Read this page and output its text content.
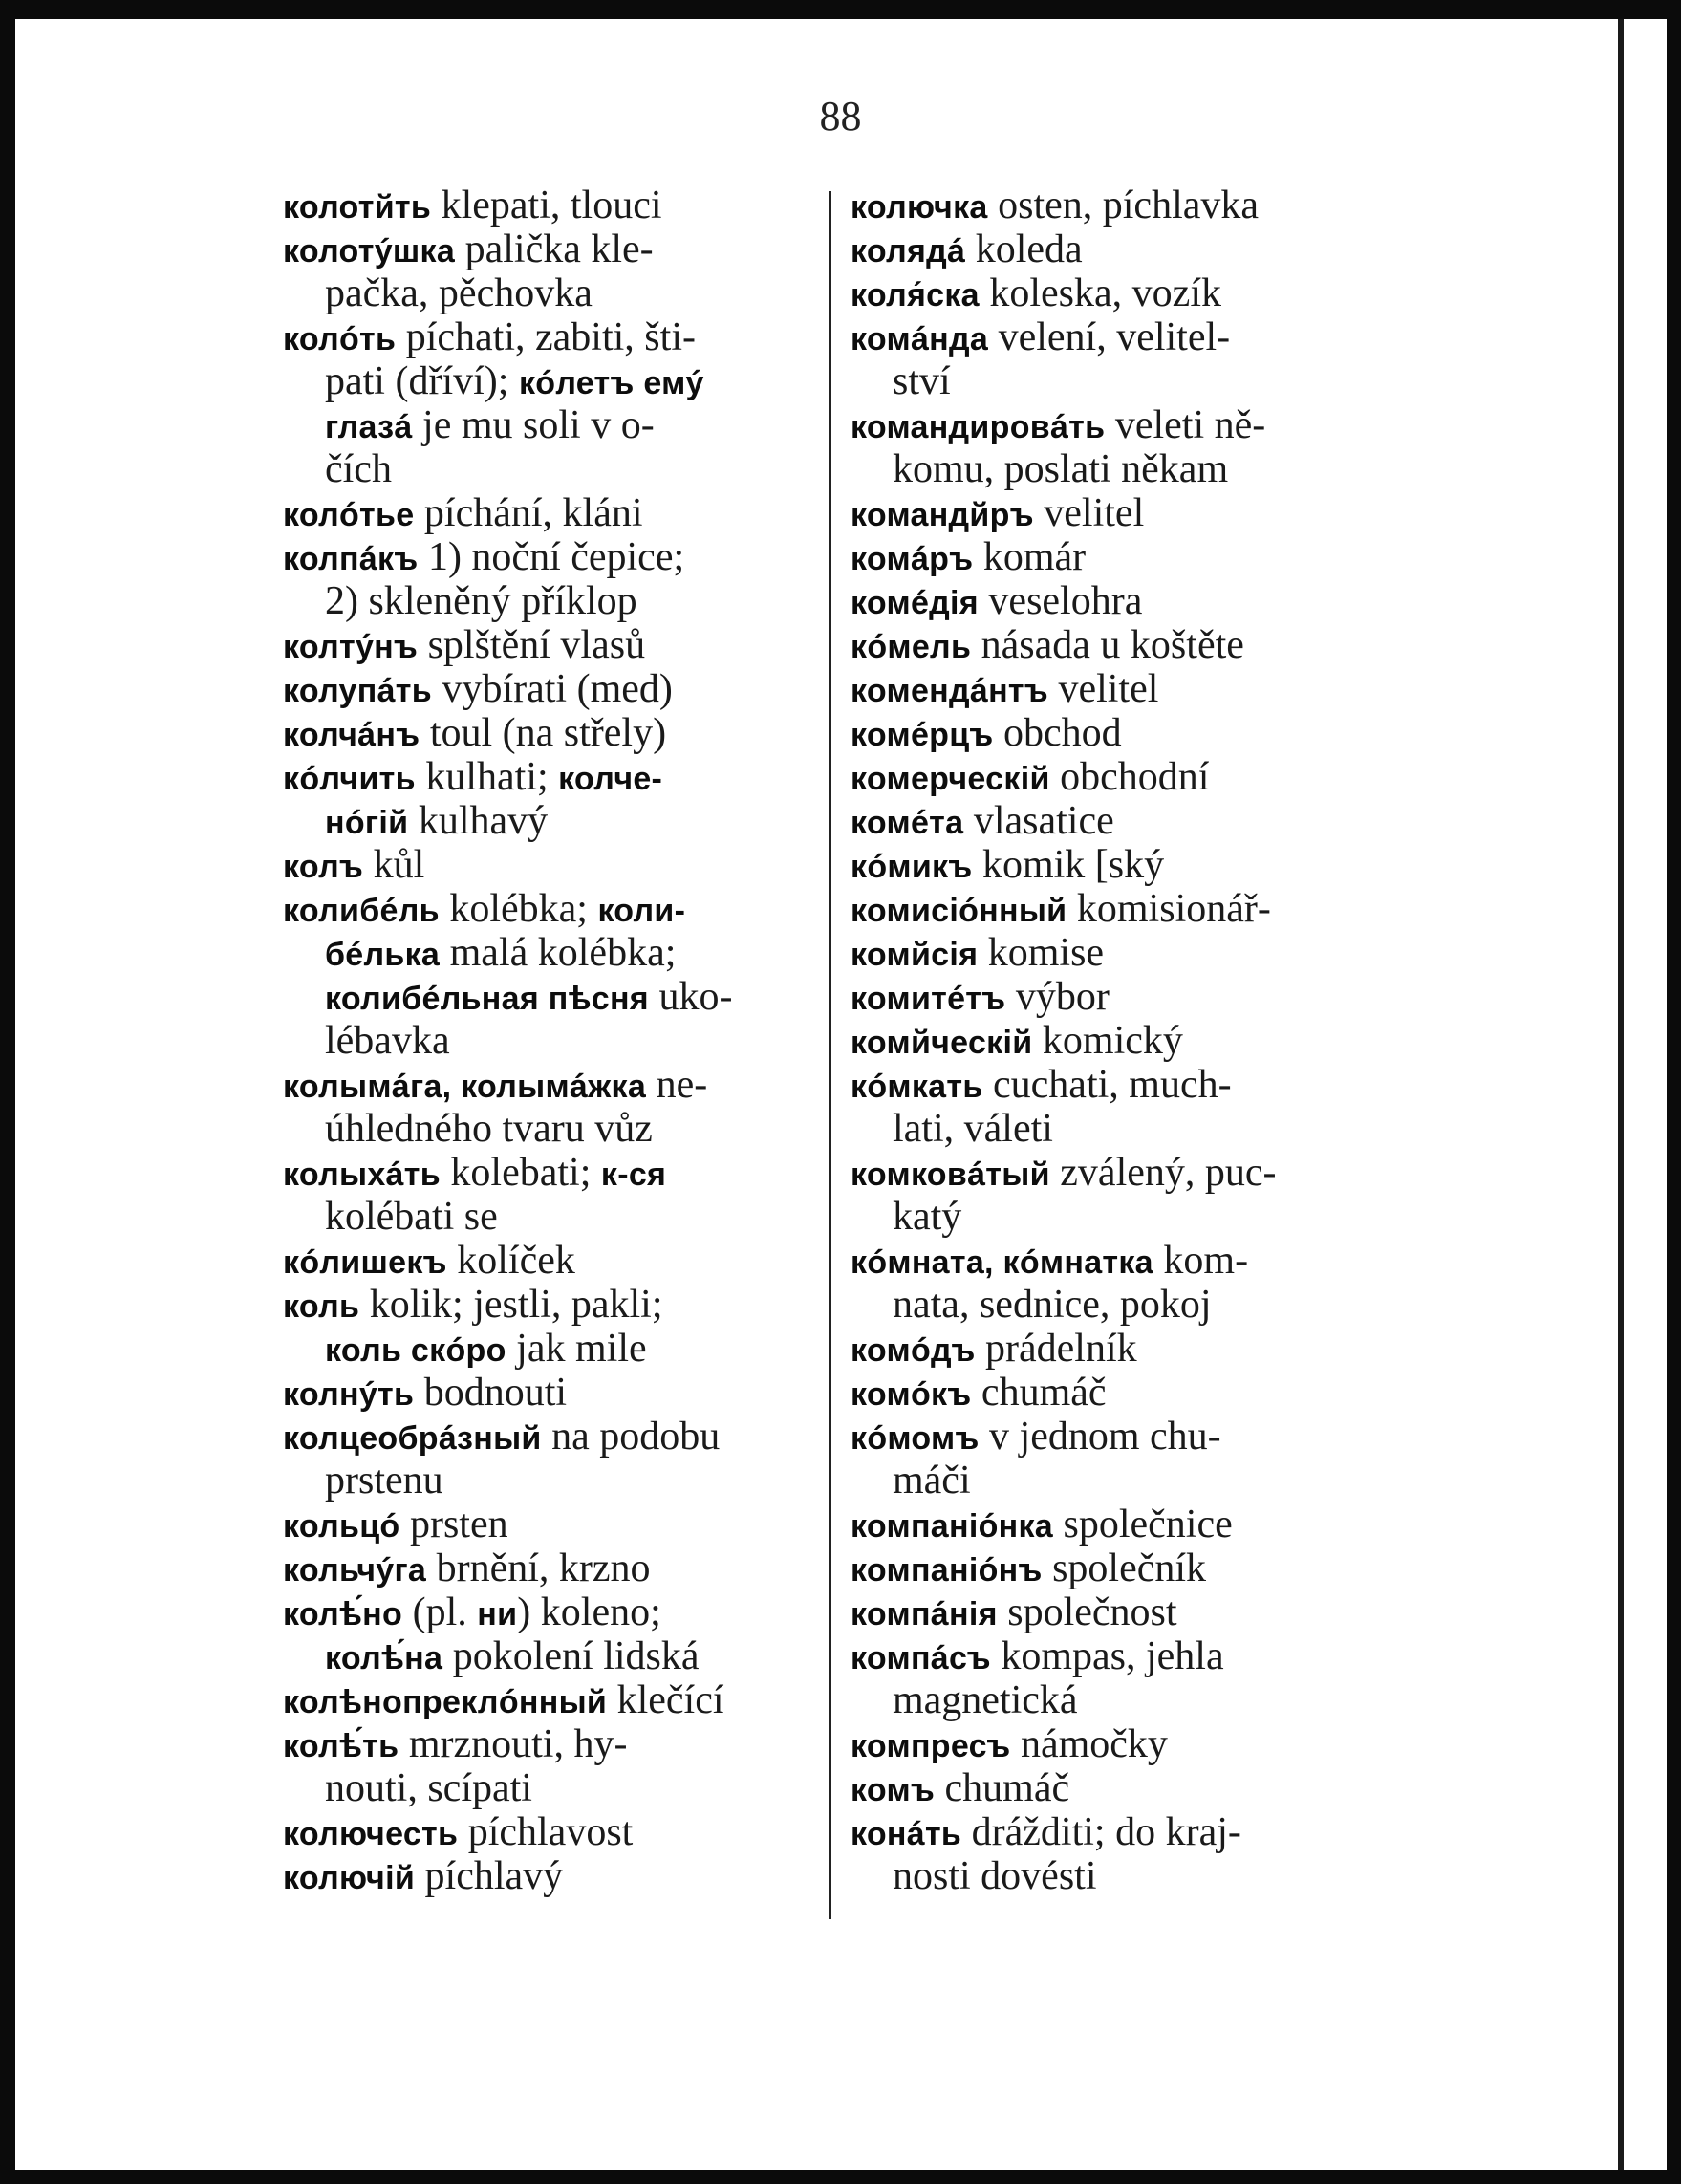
88
колотйть klepati, tlouci
колотýшка palička kle-
pačka, pěchovka
колóть píchati, zabiti, šti-
pati (dříví); кóлетъ емý
глазá je mu soli v o-
čích
колóтье píchání, kláni
колпáкъ 1) noční čepice;
2) skleněný příklop
колтýнъ splštění vlasů
колупáть vybírati (med)
колчáнъ toul (na střely)
кóлчить kulhati; колче-
нóгій kulhavý
колъ kůl
колибéль kolébka; коли-
бéлька malá kolébka;
колибéльная пѣсня uko-
lébavka
колымáга, колымáжка ne-
úhledného tvaru vůz
колыхáть kolebati; к-ся
kolébati se
кóлишекъ kolíček
коль kolik; jestli, pakli;
коль скóро jak mile
колнýть bodnouti
колцеобрáзный na podobu
prstenu
кольцó prsten
кольчýга brnění, krzno
колѣ́но (pl. ни) koleno;
колѣ́на pokolení lidská
колѣнопреклóнный klečící
колѣ́ть mrznouti, hy-
nouti, scípati
колючесть píchlavost
колючій píchlavý
колючка osten, píchlavka
колядá koleda
коля́ска koleska, vozík
комáнда velení, velitel-
ství
командировáть veleti ně-
komu, poslati někam
командйръ velitel
комáръ komár
комéдія veselohra
кóмель násada u koštěte
комендáнтъ velitel
комéрцъ obchod
комерческій obchodní
комéта vlasatice
кóмикъ komik [ský
комисіóнный komisionář-
комйсія komise
комитéтъ výbor
комйческій komický
кóмкать cuchati, much-
lati, váleti
комковáтый zválený, puc-
katý
кóмната, кóмнатка kom-
nata, sednice, pokoj
комóдъ prádelník
комóкъ chumáč
кóмомъ v jednom chu-
máči
компаніóнка společnice
компаніóнъ společník
компáнія společnost
компáсъ kompas, jehla
magnetická
компресъ námočky
комъ chumáč
конáть drážditi; do kraj-
nosti dovésti
